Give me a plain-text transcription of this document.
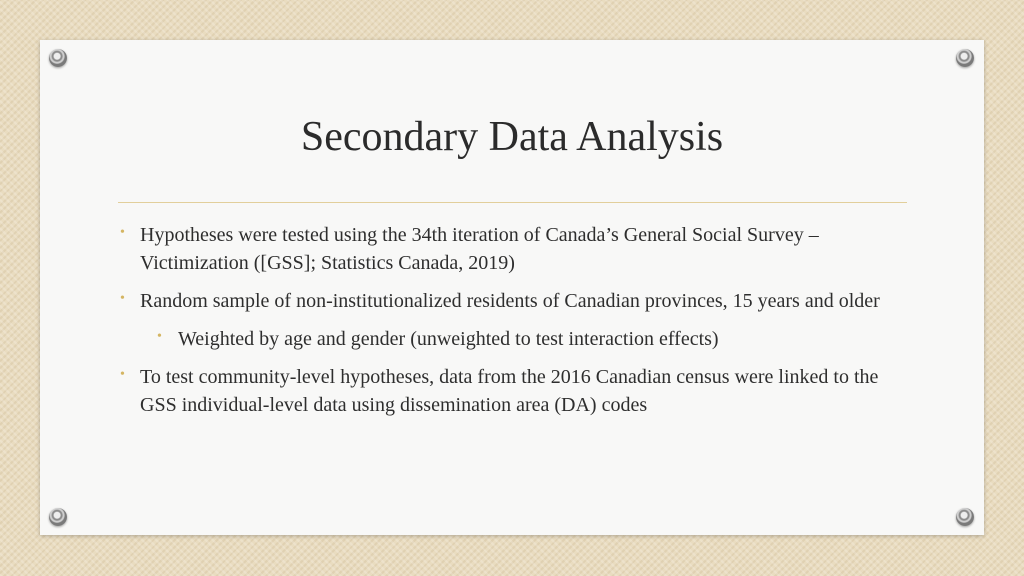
Secondary Data Analysis
• Hypotheses were tested using the 34th iteration of Canada’s General Social Survey – Victimization ([GSS]; Statistics Canada, 2019)
• Random sample of non-institutionalized residents of Canadian provinces, 15 years and older
• Weighted by age and gender (unweighted to test interaction effects)
• To test community-level hypotheses, data from the 2016 Canadian census were linked to the GSS individual-level data using dissemination area (DA) codes
